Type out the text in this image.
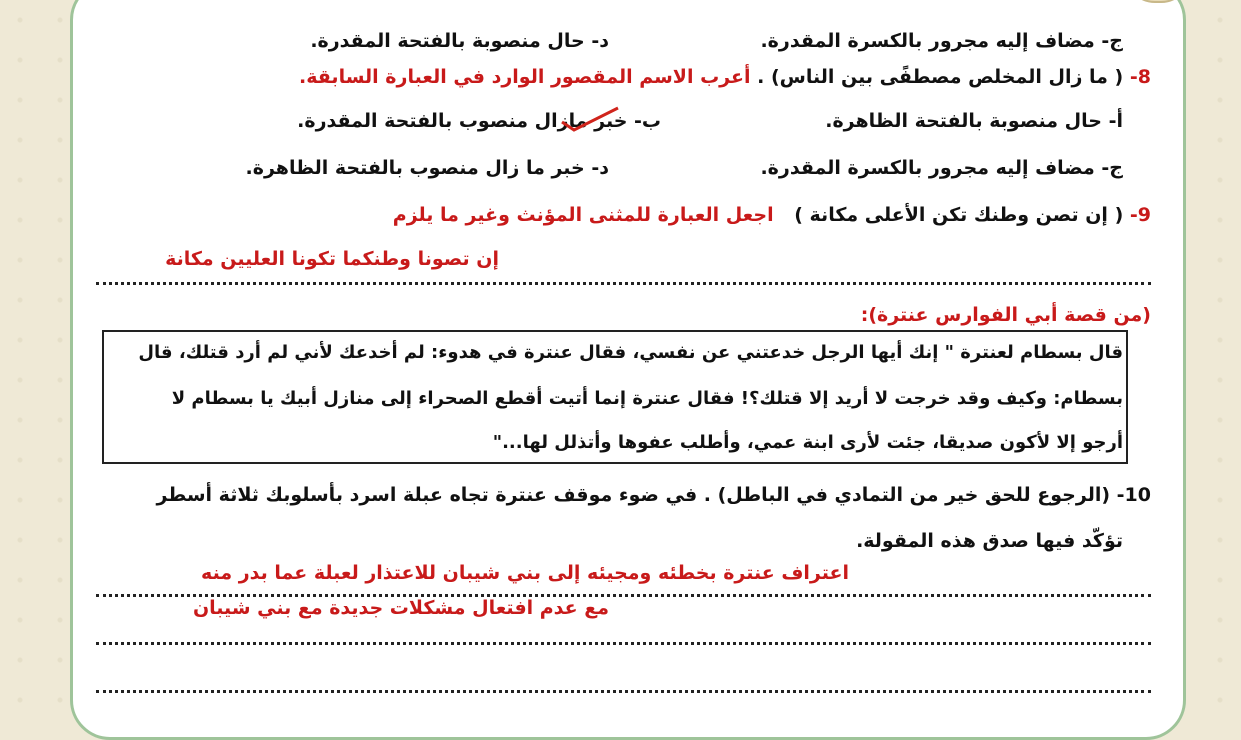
ج- مضاف إليه مجرور بالكسرة المقدرة.
د- حال منصوبة بالفتحة المقدرة.
8- ( ما زال المخلص مصطفًى بين الناس) . أعرب الاسم المقصور الوارد في العبارة السابقة.
أ- حال منصوبة بالفتحة الظاهرة.
ب- خبر مازال منصوب بالفتحة المقدرة.
ج- مضاف إليه مجرور بالكسرة المقدرة.
د- خبر ما زال منصوب بالفتحة الظاهرة.
9- ( إن تصن وطنك تكن الأعلى مكانة ) اجعل العبارة للمثنى المؤنث وغير ما يلزم
إن تصونا وطنكما تكونا العليين مكانة
(من قصة أبي الفوارس عنترة):
قال بسطام لعنترة " إنك أيها الرجل خدعتني عن نفسي، فقال عنترة في هدوء: لم أخدعك لأني لم أرد قتلك، قال
بسطام: وكيف وقد خرجت لا أريد إلا قتلك؟! فقال عنترة إنما أتيت أقطع الصحراء إلى منازل أبيك يا بسطام لا
أرجو إلا لأكون صديقا، جئت لأرى ابنة عمي، وأطلب عفوها وأتذلل لها..."
10- (الرجوع للحق خير من التمادي في الباطل) . في ضوء موقف عنترة تجاه عبلة اسرد بأسلوبك ثلاثة أسطر
تؤكّد فيها صدق هذه المقولة.
اعتراف عنترة بخطئه ومجيئه إلى بني شيبان للاعتذار لعبلة عما بدر منه
مع عدم افتعال مشكلات جديدة مع بني شيبان
